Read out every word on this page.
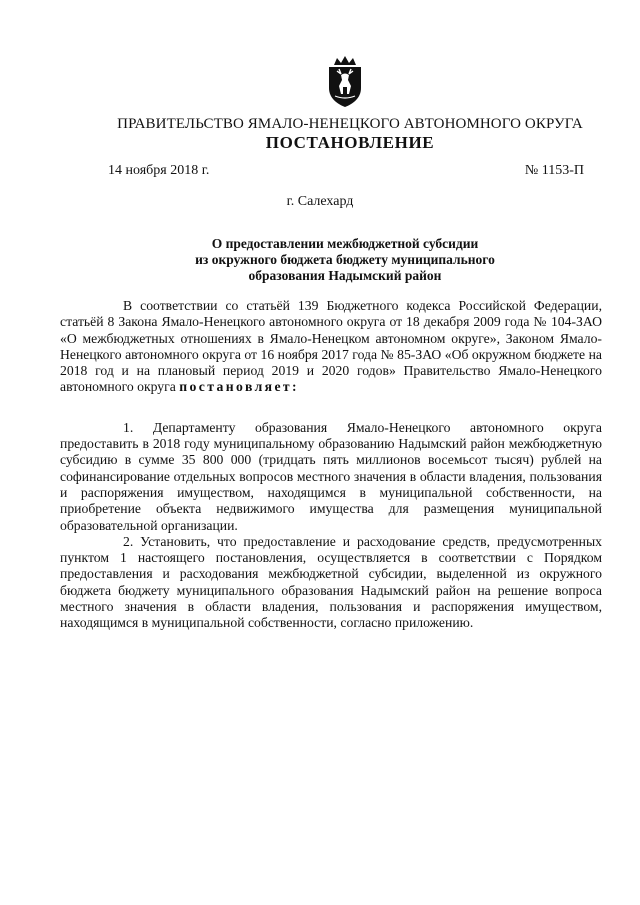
ПРАВИТЕЛЬСТВО ЯМАЛО-НЕНЕЦКОГО АВТОНОМНОГО ОКРУГА
ПОСТАНОВЛЕНИЕ
14 ноября 2018 г.	№ 1153-П
г. Салехард
О предоставлении межбюджетной субсидии
из окружного бюджета бюджету муниципального
образования Надымский район

В соответствии со статьёй 139 Бюджетного кодекса Российской Федерации, статьёй 8 Закона Ямало-Ненецкого автономного округа от 18 декабря 2009 года № 104-ЗАО «О межбюджетных отношениях в Ямало-Ненецком автономном округе», Законом Ямало-Ненецкого автономного округа от 16 ноября 2017 года № 85-ЗАО «Об окружном бюджете на 2018 год и на плановый период 2019 и 2020 годов» Правительство Ямало-Ненецкого автономного округа постановляет:

1. Департаменту образования Ямало-Ненецкого автономного округа предоставить в 2018 году муниципальному образованию Надымский район межбюджетную субсидию в сумме 35 800 000 (тридцать пять миллионов восемьсот тысяч) рублей на софинансирование отдельных вопросов местного значения в области владения, пользования и распоряжения имуществом, находящимся в муниципальной собственности, на приобретение объекта недвижимого имущества для размещения муниципальной образовательной организации.

2. Установить, что предоставление и расходование средств, предусмотренных пунктом 1 настоящего постановления, осуществляется в соответствии с Порядком предоставления и расходования межбюджетной субсидии, выделенной из окружного бюджета бюджету муниципального образования Надымский район на решение вопроса местного значения в области владения, пользования и распоряжения имуществом, находящимся в муниципальной собственности, согласно приложению.
